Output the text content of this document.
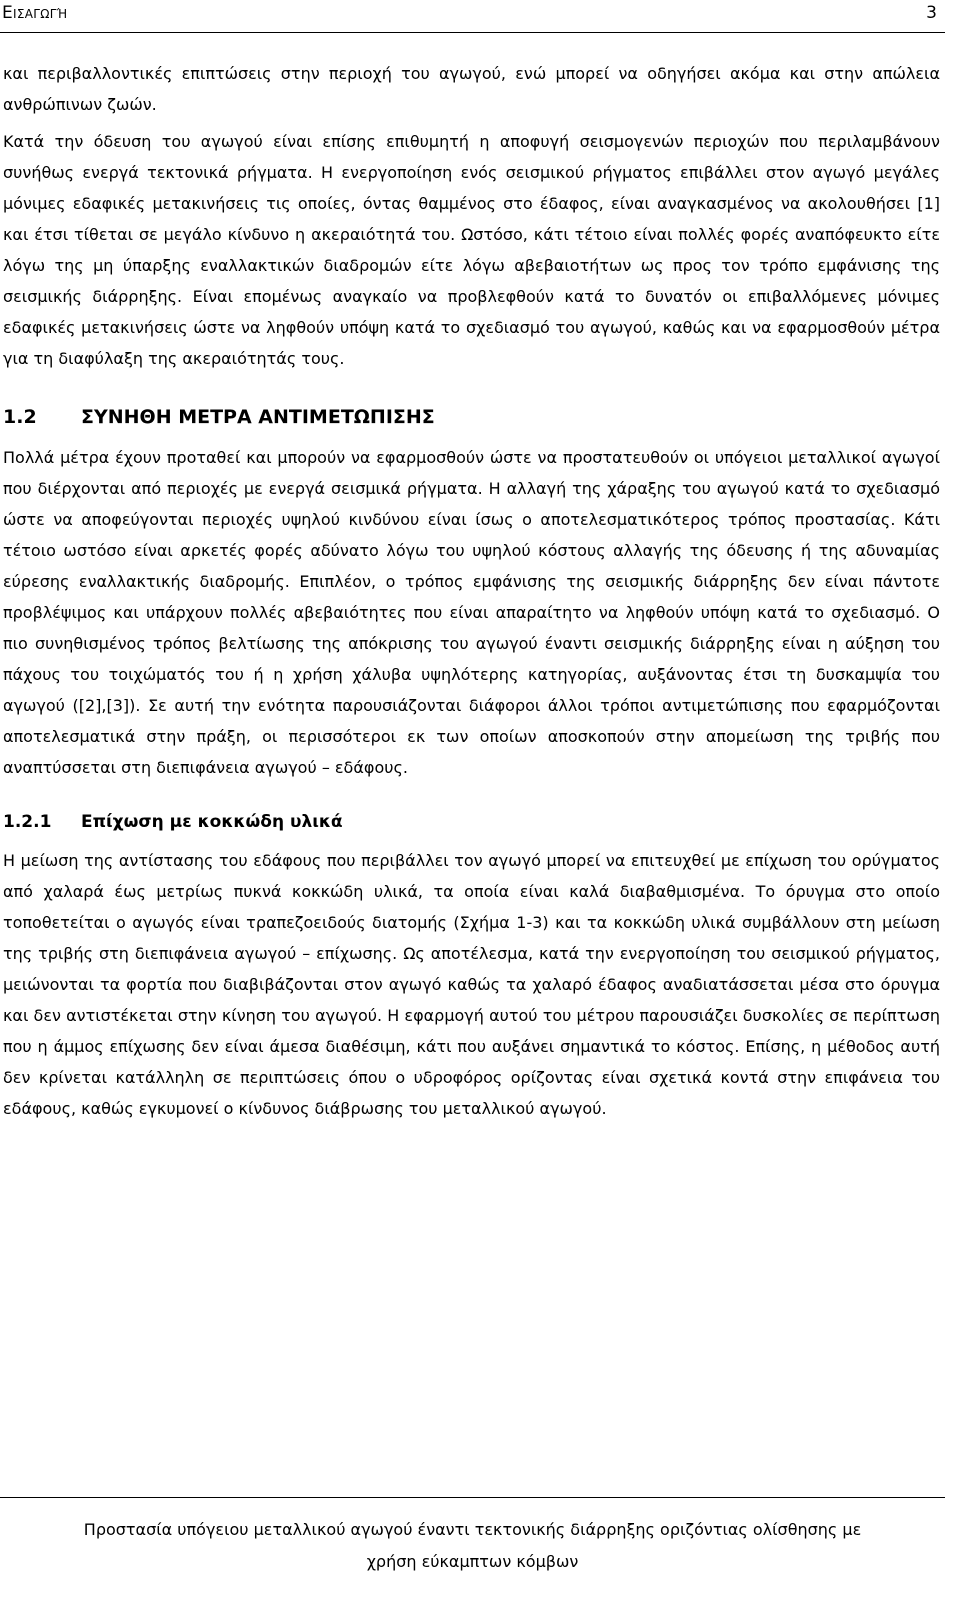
Εισαγωγή	3

και περιβαλλοντικές επιπτώσεις στην περιοχή του αγωγού, ενώ μπορεί να οδηγήσει ακόμα και στην απώλεια ανθρώπινων ζωών.

Κατά την όδευση του αγωγού είναι επίσης επιθυμητή η αποφυγή σεισμογενών περιοχών που περιλαμβάνουν συνήθως ενεργά τεκτονικά ρήγματα. Η ενεργοποίηση ενός σεισμικού ρήγματος επιβάλλει στον αγωγό μεγάλες μόνιμες εδαφικές μετακινήσεις τις οποίες, όντας θαμμένος στο έδαφος, είναι αναγκασμένος να ακολουθήσει [1] και έτσι τίθεται σε μεγάλο κίνδυνο η ακεραιότητά του. Ωστόσο, κάτι τέτοιο είναι πολλές φορές αναπόφευκτο είτε λόγω της μη ύπαρξης εναλλακτικών διαδρομών είτε λόγω αβεβαιοτήτων ως προς τον τρόπο εμφάνισης της σεισμικής διάρρηξης. Είναι επομένως αναγκαίο να προβλεφθούν κατά το δυνατόν οι επιβαλλόμενες μόνιμες εδαφικές μετακινήσεις ώστε να ληφθούν υπόψη κατά το σχεδιασμό του αγωγού, καθώς και να εφαρμοσθούν μέτρα για τη διαφύλαξη της ακεραιότητάς τους.

1.2 ΣΥΝΗΘΗ ΜΕΤΡΑ ΑΝΤΙΜΕΤΩΠΙΣΗΣ

Πολλά μέτρα έχουν προταθεί και μπορούν να εφαρμοσθούν ώστε να προστατευθούν οι υπόγειοι μεταλλικοί αγωγοί που διέρχονται από περιοχές με ενεργά σεισμικά ρήγματα. Η αλλαγή της χάραξης του αγωγού κατά το σχεδιασμό ώστε να αποφεύγονται περιοχές υψηλού κινδύνου είναι ίσως ο αποτελεσματικότερος τρόπος προστασίας. Κάτι τέτοιο ωστόσο είναι αρκετές φορές αδύνατο λόγω του υψηλού κόστους αλλαγής της όδευσης ή της αδυναμίας εύρεσης εναλλακτικής διαδρομής. Επιπλέον, ο τρόπος εμφάνισης της σεισμικής διάρρηξης δεν είναι πάντοτε προβλέψιμος και υπάρχουν πολλές αβεβαιότητες που είναι απαραίτητο να ληφθούν υπόψη κατά το σχεδιασμό. Ο πιο συνηθισμένος τρόπος βελτίωσης της απόκρισης του αγωγού έναντι σεισμικής διάρρηξης είναι η αύξηση του πάχους του τοιχώματός του ή η χρήση χάλυβα υψηλότερης κατηγορίας, αυξάνοντας έτσι τη δυσκαμψία του αγωγού ([2],[3]). Σε αυτή την ενότητα παρουσιάζονται διάφοροι άλλοι τρόποι αντιμετώπισης που εφαρμόζονται αποτελεσματικά στην πράξη, οι περισσότεροι εκ των οποίων αποσκοπούν στην απομείωση της τριβής που αναπτύσσεται στη διεπιφάνεια αγωγού – εδάφους.

1.2.1 Επίχωση με κοκκώδη υλικά

Η μείωση της αντίστασης του εδάφους που περιβάλλει τον αγωγό μπορεί να επιτευχθεί με επίχωση του ορύγματος από χαλαρά έως μετρίως πυκνά κοκκώδη υλικά, τα οποία είναι καλά διαβαθμισμένα. Το όρυγμα στο οποίο τοποθετείται ο αγωγός είναι τραπεζοειδούς διατομής (Σχήμα 1-3) και τα κοκκώδη υλικά συμβάλλουν στη μείωση της τριβής στη διεπιφάνεια αγωγού – επίχωσης. Ως αποτέλεσμα, κατά την ενεργοποίηση του σεισμικού ρήγματος, μειώνονται τα φορτία που διαβιβάζονται στον αγωγό καθώς τα χαλαρό έδαφος αναδιατάσσεται μέσα στο όρυγμα και δεν αντιστέκεται στην κίνηση του αγωγού. Η εφαρμογή αυτού του μέτρου παρουσιάζει δυσκολίες σε περίπτωση που η άμμος επίχωσης δεν είναι άμεσα διαθέσιμη, κάτι που αυξάνει σημαντικά το κόστος. Επίσης, η μέθοδος αυτή δεν κρίνεται κατάλληλη σε περιπτώσεις όπου ο υδροφόρος ορίζοντας είναι σχετικά κοντά στην επιφάνεια του εδάφους, καθώς εγκυμονεί ο κίνδυνος διάβρωσης του μεταλλικού αγωγού.

Προστασία υπόγειου μεταλλικού αγωγού έναντι τεκτονικής διάρρηξης οριζόντιας ολίσθησης με
χρήση εύκαμπτων κόμβων
